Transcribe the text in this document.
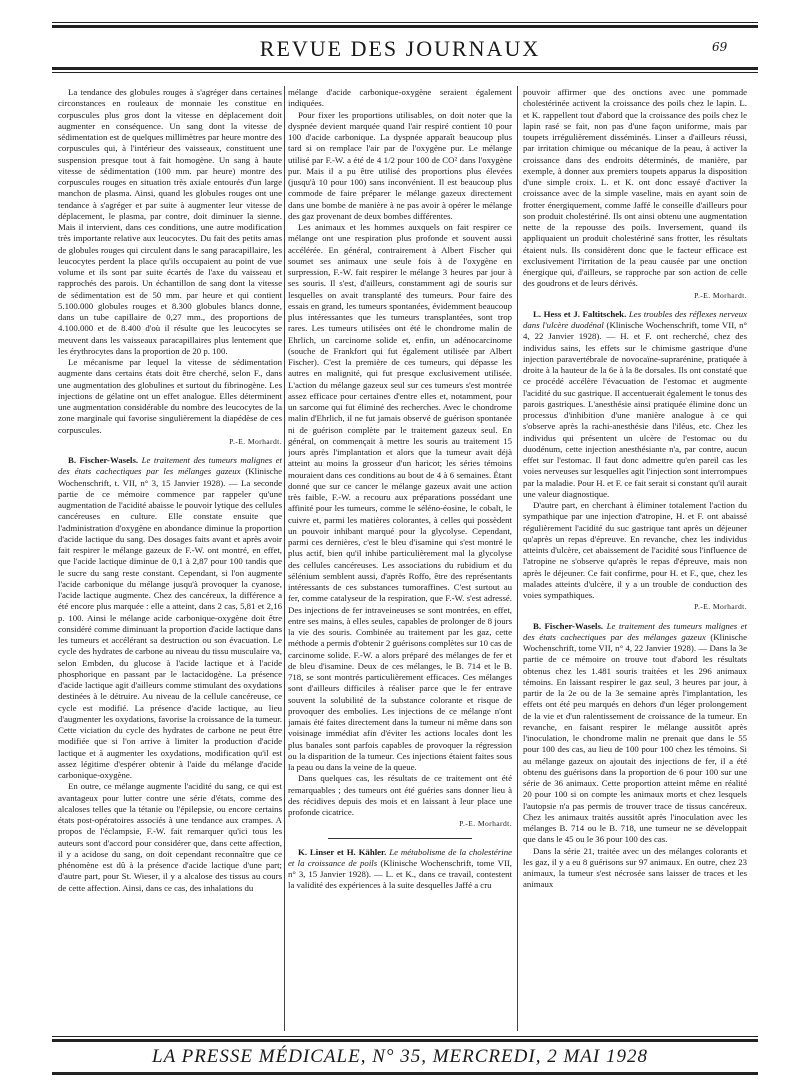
REVUE DES JOURNAUX	69

La tendance des globules rouges à s'agréger dans certaines circonstances en rouleaux de monnaie les constitue en corpuscules plus gros dont la vitesse en déplacement doit augmenter en conséquence. Un sang dont la vitesse de sédimentation est de quelques millimètres par heure montre des corpuscules qui, à l'intérieur des vaisseaux, constituent une suspension presque tout à fait homogène. Un sang à haute vitesse de sédimentation (100 mm. par heure) montre des corpuscules rouges en situation très axiale entourés d'un large manchon de plasma. Ainsi, quand les globules rouges ont une tendance à s'agréger et par suite à augmenter leur vitesse de déplacement, le plasma, par contre, doit diminuer la sienne. Mais il intervient, dans ces conditions, une autre modification très importante relative aux leucocytes. Du fait des petits amas de globules rouges qui circulent dans le sang paracapillaire, les leucocytes perdent la place qu'ils occupaient au point de vue volume et ils sont par suite écartés de l'axe du vaisseau et rapprochés des parois. Un échantillon de sang dont la vitesse de sédimentation est de 50 mm. par heure et qui contient 5.100.000 globules rouges et 8.300 globules blancs donne, dans un tube capillaire de 0,27 mm., des proportions de 4.100.000 et de 8.400 d'où il résulte que les leucocytes se meuvent dans les vaisseaux paracapillaires plus lentement que les érythrocytes dans la proportion de 20 p. 100.

Le mécanisme par lequel la vitesse de sédimentation augmente dans certains états doit être cherché, selon F., dans une augmentation des globulines et surtout du fibrinogène. Les injections de gélatine ont un effet analogue. Elles déterminent une augmentation considérable du nombre des leucocytes de la zone marginale qui favorise singulièrement la diapédèse de ces corpuscules.

P.-E. Morhardt.

B. Fischer-Wasels. Le traitement des tumeurs malignes et des états cachectiques par les mélanges gazeux (Klinische Wochenschrift, t. VII, n° 3, 15 Janvier 1928). — La seconde partie de ce mémoire commence par rappeler qu'une augmentation de l'acidité abaisse le pouvoir lytique des cellules cancéreuses en culture. Elle constate ensuite que l'administration d'oxygène en abondance diminue la proportion d'acide lactique du sang. Des dosages faits avant et après avoir fait respirer le mélange gazeux de F.-W. ont montré, en effet, que l'acide lactique diminue de 0,1 à 2,87 pour 100 tandis que le sucre du sang reste constant. Cependant, si l'on augmente l'acide carbonique du mélange jusqu'à provoquer la cyanose, l'acide lactique augmente. Chez des cancéreux, la différence a été encore plus marquée : elle a atteint, dans 2 cas, 5,81 et 2,16 p. 100. Ainsi le mélange acide carbonique-oxygène doit être considéré comme diminuant la proportion d'acide lactique dans les tumeurs et accélérant sa destruction ou son évacuation. Le cycle des hydrates de carbone au niveau du tissu musculaire va, selon Embden, du glucose à l'acide lactique et à l'acide phosphorique en passant par le lactacidogène. La présence d'acide lactique agit d'ailleurs comme stimulant des oxydations destinées à le détruire. Au niveau de la cellule cancéreuse, ce cycle est modifié. La présence d'acide lactique, au lieu d'augmenter les oxydations, favorise la croissance de la tumeur. Cette viciation du cycle des hydrates de carbone ne peut être modifiée que si l'on arrive à limiter la production d'acide lactique et à augmenter les oxydations, modification qu'il est assez légitime d'espérer obtenir à l'aide du mélange d'acide carbonique-oxygène.

En outre, ce mélange augmente l'acidité du sang, ce qui est avantageux pour lutter contre une série d'états, comme des alcaloses telles que la tétanie ou l'épilepsie, ou encore certains états post-opératoires associés à une tendance aux crampes. A propos de l'éclampsie, F.-W. fait remarquer qu'ici tous les auteurs sont d'accord pour considérer que, dans cette affection, il y a acidose du sang, on doit cependant reconnaître que ce phénomène est dû à la présence d'acide lactique d'une part; d'autre part, pour St. Wieser, il y a alcalose des tissus au cours de cette affection. Ainsi, dans ce cas, des inhalations du

mélange d'acide carbonique-oxygène seraient également indiquées.

Pour fixer les proportions utilisables, on doit noter que la dyspnée devient marquée quand l'air respiré contient 10 pour 100 d'acide carbonique. La dyspnée apparaît beaucoup plus tard si on remplace l'air par de l'oxygène pur. Le mélange utilisé par F.-W. a été de 4 1/2 pour 100 de CO² dans l'oxygène pur. Mais il a pu être utilisé des proportions plus élevées (jusqu'à 10 pour 100) sans inconvénient. Il est beaucoup plus commode de faire préparer le mélange gazeux directement dans une bombe de manière à ne pas avoir à opérer le mélange des gaz provenant de deux bombes différentes.

Les animaux et les hommes auxquels on fait respirer ce mélange ont une respiration plus profonde et souvent aussi accélérée. En général, contrairement à Albert Fischer qui soumet ses animaux une seule fois à de l'oxygène en surpression, F.-W. fait respirer le mélange 3 heures par jour à ses souris. Il s'est, d'ailleurs, constamment agi de souris sur lesquelles on avait transplanté des tumeurs. Pour faire des essais en grand, les tumeurs spontanées, évidemment beaucoup plus intéressantes que les tumeurs transplantées, sont trop rares. Les tumeurs utilisées ont été le chondrome malin de Ehrlich, un carcinome solide et, enfin, un adénocarcinome (souche de Frankfort qui fut également utilisée par Albert Fischer). C'est la première de ces tumeurs, qui dépasse les autres en malignité, qui fut presque exclusivement utilisée. L'action du mélange gazeux seul sur ces tumeurs s'est montrée assez efficace pour certaines d'entre elles et, notamment, pour un sarcome qui fut éliminé des recherches. Avec le chondrome malin d'Ehrlich, il ne fut jamais observé de guérison spontanée ni de guérison complète par le traitement gazeux seul. En général, on commençait à mettre les souris au traitement 15 jours après l'implantation et alors que la tumeur avait déjà atteint au moins la grosseur d'un haricot; les séries témoins mouraient dans ces conditions au bout de 4 à 6 semaines. Étant donné que sur ce cancer le mélange gazeux avait une action très faible, F.-W. a recouru aux préparations possédant une affinité pour les tumeurs, comme le séléno-éosine, le cobalt, le cuivre et, parmi les matières colorantes, à celles qui possèdent un pouvoir inhibant marqué pour la glycolyse. Cependant, parmi ces dernières, c'est le bleu d'isamine qui s'est montré le plus actif, bien qu'il inhibe particulièrement mal la glycolyse des cellules cancéreuses. Les associations du rubidium et du sélénium semblent aussi, d'après Roffo, être des représentants intéressants de ces substances tumoraffines. C'est surtout au fer, comme catalyseur de la respiration, que F.-W. s'est adressé. Des injections de fer intraveineuses se sont montrées, en effet, entre ses mains, à elles seules, capables de prolonger de 8 jours la vie des souris. Combinée au traitement par les gaz, cette méthode a permis d'obtenir 2 guérisons complètes sur 10 cas de carcinome solide. F.-W. a alors préparé des mélanges de fer et de bleu d'isamine. Deux de ces mélanges, le B. 714 et le B. 718, se sont montrés particulièrement efficaces. Ces mélanges sont d'ailleurs difficiles à réaliser parce que le fer entrave souvent la solubilité de la substance colorante et risque de provoquer des embolies. Les injections de ce mélange n'ont jamais été faites directement dans la tumeur ni même dans son voisinage immédiat afin d'éviter les actions locales dont les plus banales sont parfois capables de provoquer la régression ou la disparition de la tumeur. Ces injections étaient faites sous la peau ou dans la veine de la queue.

Dans quelques cas, les résultats de ce traitement ont été remarquables ; des tumeurs ont été guéries sans donner lieu à des récidives depuis des mois et en laissant à leur place une profonde cicatrice.

P.-E. Morhardt.

K. Linser et H. Kähler. Le métabolisme de la cholestérine et la croissance de poils (Klinische Wochenschrift, tome VII, n° 3, 15 Janvier 1928). — L. et K., dans ce travail, contestent la validité des expériences à la suite desquelles Jaffé a cru

pouvoir affirmer que des onctions avec une pommade cholestérinée activent la croissance des poils chez le lapin. L. et K. rappellent tout d'abord que la croissance des poils chez le lapin rasé se fait, non pas d'une façon uniforme, mais par toupets irrégulièrement disséminés. Linser a d'ailleurs réussi, par irritation chimique ou mécanique de la peau, à activer la croissance dans des endroits déterminés, de manière, par exemple, à donner aux premiers toupets apparus la disposition d'une simple croix. L. et K. ont donc essayé d'activer la croissance avec de la simple vaseline, mais en ayant soin de frotter énergiquement, comme Jaffé le conseille d'ailleurs pour son produit cholestériné. Ils ont ainsi obtenu une augmentation nette de la repousse des poils. Inversement, quand ils appliquaient un produit cholestériné sans frotter, les résultats étaient nuls. Ils considèrent donc que le facteur efficace est exclusivement l'irritation de la peau causée par une onction énergique qui, d'ailleurs, se rapproche par son action de celle des goudrons et de leurs dérivés.

P.-E. Morhardt.

L. Hess et J. Faltitschek. Les troubles des réflexes nerveux dans l'ulcère duodénal (Klinische Wochenschrift, tome VII, n° 4, 22 Janvier 1928). — H. et F. ont recherché, chez des individus sains, les effets sur le chimisme gastrique d'une injection paravertébrale de novocaïne-suprarénine, pratiquée à droite à la hauteur de la 6e à la 8e dorsales. Ils ont constaté que ce procédé accélère l'évacuation de l'estomac et augmente l'acidité du suc gastrique. Il accentuerait également le tonus des parois gastriques. L'anesthésie ainsi pratiquée élimine donc un processus d'inhibition d'une manière analogue à ce qui s'observe après la rachi-anesthésie dans l'iléus, etc. Chez les individus qui présentent un ulcère de l'estomac ou du duodénum, cette injection anesthésiante n'a, par contre, aucun effet sur l'estomac. Il faut donc admettre qu'en pareil cas les voies nerveuses sur lesquelles agit l'injection sont interrompues par la maladie. Pour H. et F. ce fait serait si constant qu'il aurait une valeur diagnostique.

D'autre part, en cherchant à éliminer totalement l'action du sympathique par une injection d'atropine, H. et F. ont abaissé régulièrement l'acidité du suc gastrique tant après un déjeuner qu'après un repas d'épreuve. En revanche, chez les individus atteints d'ulcère, cet abaissement de l'acidité sous l'influence de l'atropine ne s'observe qu'après le repas d'épreuve, mais non après le déjeuner. Ce fait confirme, pour H. et F., que, chez les malades atteints d'ulcère, il y a un trouble de conduction des voies sympathiques.

P.-E. Morhardt.

B. Fischer-Wasels. Le traitement des tumeurs malignes et des états cachectiques par des mélanges gazeux (Klinische Wochenschrift, tome VII, n° 4, 22 Janvier 1928). — Dans la 3e partie de ce mémoire on trouve tout d'abord les résultats obtenus chez les 1.481 souris traitées et les 296 animaux témoins. En laissant respirer le gaz seul, 3 heures par jour, à partir de la 2e ou de la 3e semaine après l'implantation, les effets ont été peu marqués en dehors d'un léger prolongement de la vie et d'un ralentissement de croissance de la tumeur. En revanche, en faisant respirer le mélange aussitôt après l'inoculation, le chondrome malin ne prenait que dans le 55 pour 100 des cas, au lieu de 100 pour 100 chez les témoins. Si au mélange gazeux on ajoutait des injections de fer, il a été obtenu des guérisons dans la proportion de 6 pour 100 sur une série de 36 animaux. Cette proportion atteint même en réalité 20 pour 100 si on compte les animaux morts et chez lesquels l'autopsie n'a pas permis de trouver trace de tissus cancéreux. Chez les animaux traités aussitôt après l'inoculation avec les mélanges B. 714 ou le B. 718, une tumeur ne se développait que dans le 45 ou le 36 pour 100 des cas.

Dans la série 21, traitée avec un des mélanges colorants et les gaz, il y a eu 8 guérisons sur 97 animaux. En outre, chez 23 animaux, la tumeur s'est nécrosée sans laisser de traces et les animaux

LA PRESSE MÉDICALE, N° 35, MERCREDI, 2 MAI 1928
